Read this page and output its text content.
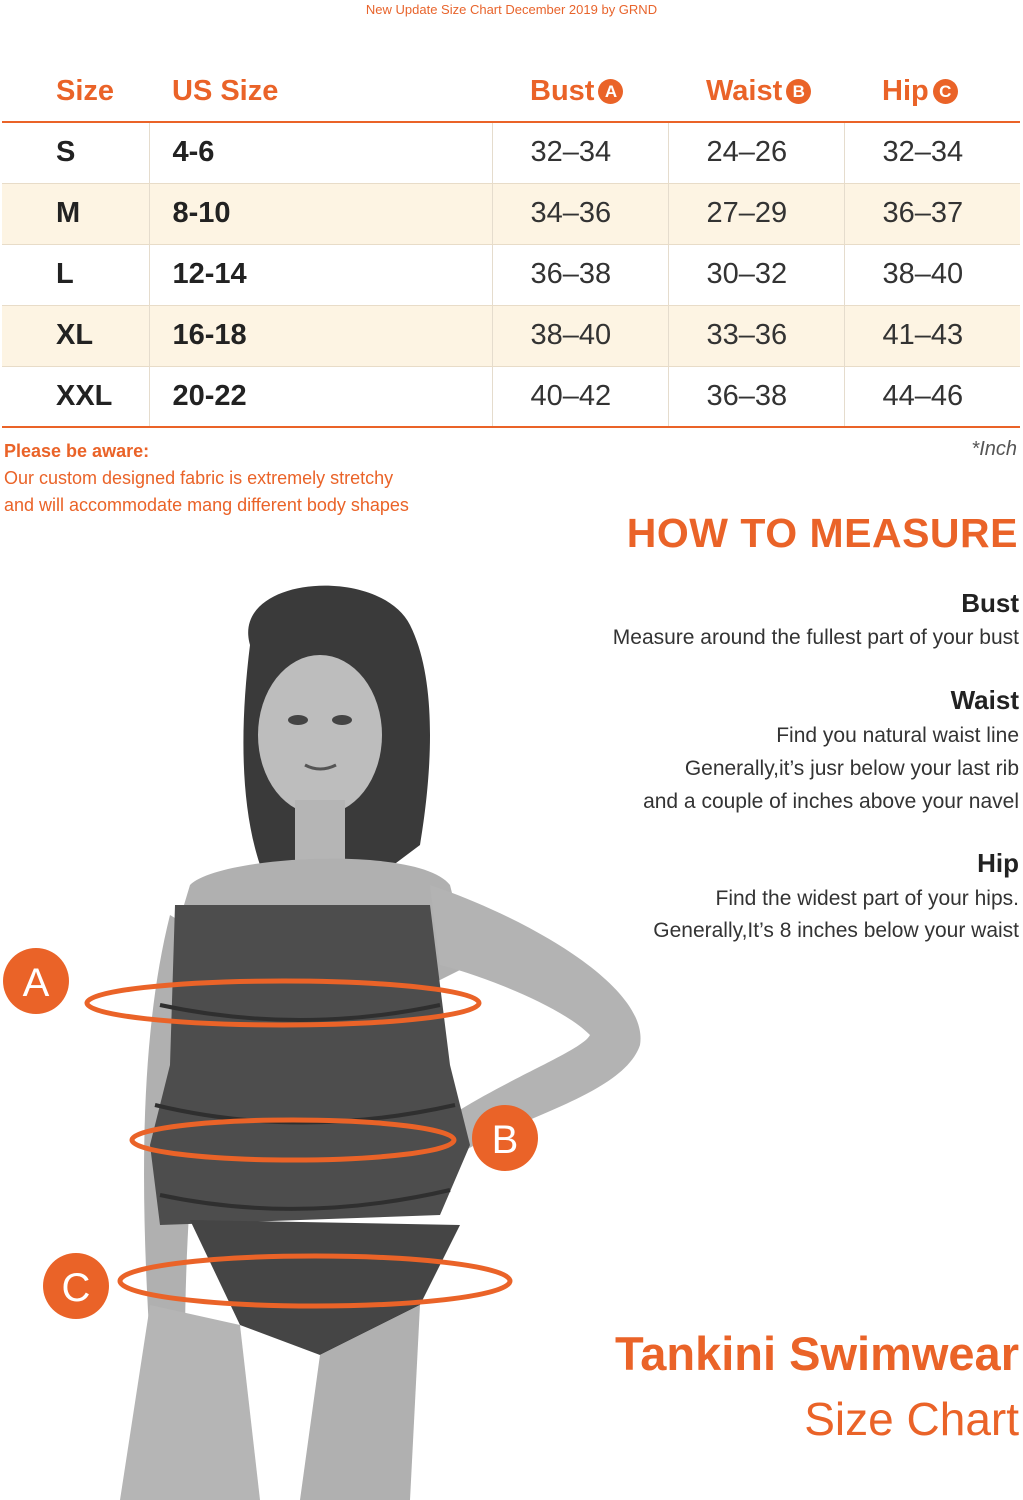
New Update Size Chart December 2019 by GRND
Size	US Size	Bust A	Waist B	Hip C
S	4-6	32–34	24–26	32–34
M	8-10	34–36	27–29	36–37
L	12-14	36–38	30–32	38–40
XL	16-18	38–40	33–36	41–43
XXL	20-22	40–42	36–38	44–46
Please be aware:
Our custom designed fabric is extremely stretchy
and will accommodate mang different body shapes
*Inch
HOW TO MEASURE
Bust
Measure around the fullest part of your bust
Waist
Find you natural waist line
Generally,it’s jusr below your last rib
and a couple of inches above your navel
Hip
Find the widest part of your hips.
Generally,It’s 8 inches below your waist
A
B
C
Tankini Swimwear
Size Chart
